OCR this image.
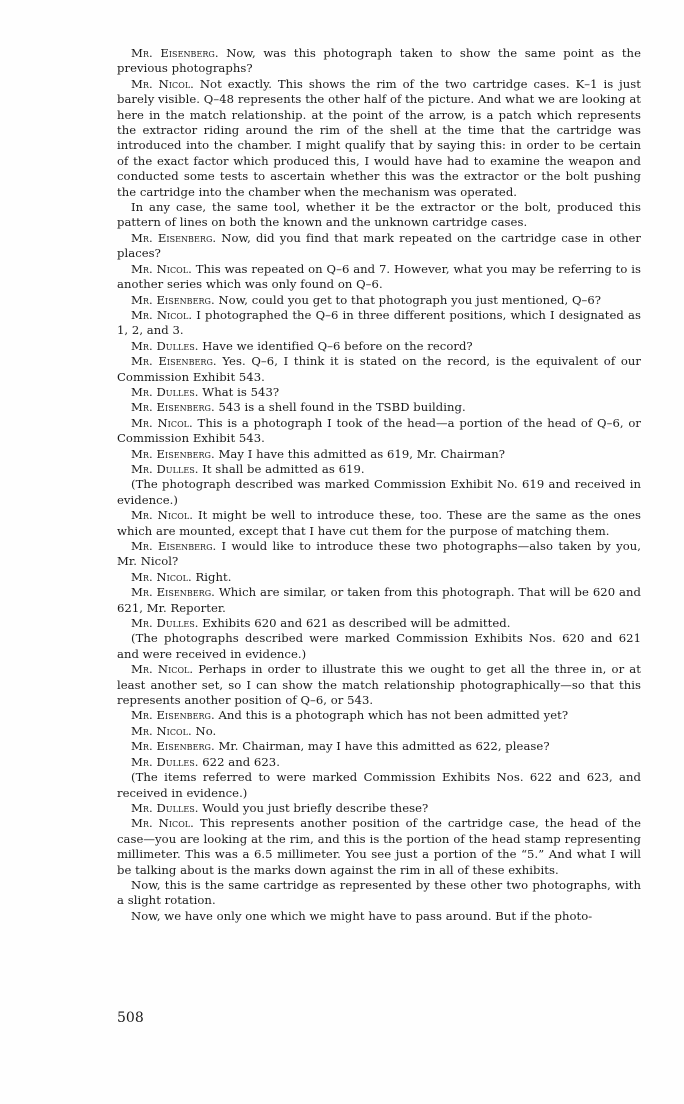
Mr. Eisenberg. Now, was this photograph taken to show the same point as the previous photographs?

Mr. Nicol. Not exactly. This shows the rim of the two cartridge cases. K–1 is just barely visible. Q–48 represents the other half of the picture. And what we are looking at here in the match relationship. at the point of the arrow, is a patch which represents the extractor riding around the rim of the shell at the time that the cartridge was introduced into the chamber. I might qualify that by saying this: in order to be certain of the exact factor which produced this, I would have had to examine the weapon and conducted some tests to ascertain whether this was the extractor or the bolt pushing the cartridge into the chamber when the mechanism was operated.

In any case, the same tool, whether it be the extractor or the bolt, produced this pattern of lines on both the known and the unknown cartridge cases.

Mr. Eisenberg. Now, did you find that mark repeated on the cartridge case in other places?

Mr. Nicol. This was repeated on Q–6 and 7. However, what you may be referring to is another series which was only found on Q–6.

Mr. Eisenberg. Now, could you get to that photograph you just mentioned, Q–6?

Mr. Nicol. I photographed the Q–6 in three different positions, which I designated as 1, 2, and 3.

Mr. Dulles. Have we identified Q–6 before on the record?

Mr. Eisenberg. Yes. Q–6, I think it is stated on the record, is the equivalent of our Commission Exhibit 543.

Mr. Dulles. What is 543?

Mr. Eisenberg. 543 is a shell found in the TSBD building.

Mr. Nicol. This is a photograph I took of the head—a portion of the head of Q–6, or Commission Exhibit 543.

Mr. Eisenberg. May I have this admitted as 619, Mr. Chairman?

Mr. Dulles. It shall be admitted as 619.

(The photograph described was marked Commission Exhibit No. 619 and received in evidence.)

Mr. Nicol. It might be well to introduce these, too. These are the same as the ones which are mounted, except that I have cut them for the purpose of matching them.

Mr. Eisenberg. I would like to introduce these two photographs—also taken by you, Mr. Nicol?

Mr. Nicol. Right.

Mr. Eisenberg. Which are similar, or taken from this photograph. That will be 620 and 621, Mr. Reporter.

Mr. Dulles. Exhibits 620 and 621 as described will be admitted.

(The photographs described were marked Commission Exhibits Nos. 620 and 621 and were received in evidence.)

Mr. Nicol. Perhaps in order to illustrate this we ought to get all the three in, or at least another set, so I can show the match relationship photographically—so that this represents another position of Q–6, or 543.

Mr. Eisenberg. And this is a photograph which has not been admitted yet?

Mr. Nicol. No.

Mr. Eisenberg. Mr. Chairman, may I have this admitted as 622, please?

Mr. Dulles. 622 and 623.

(The items referred to were marked Commission Exhibits Nos. 622 and 623, and received in evidence.)

Mr. Dulles. Would you just briefly describe these?

Mr. Nicol. This represents another position of the cartridge case, the head of the case—you are looking at the rim, and this is the portion of the head stamp representing millimeter. This was a 6.5 millimeter. You see just a portion of the “5.” And what I will be talking about is the marks down against the rim in all of these exhibits.

Now, this is the same cartridge as represented by these other two photographs, with a slight rotation.

Now, we have only one which we might have to pass around. But if the photo-

508
